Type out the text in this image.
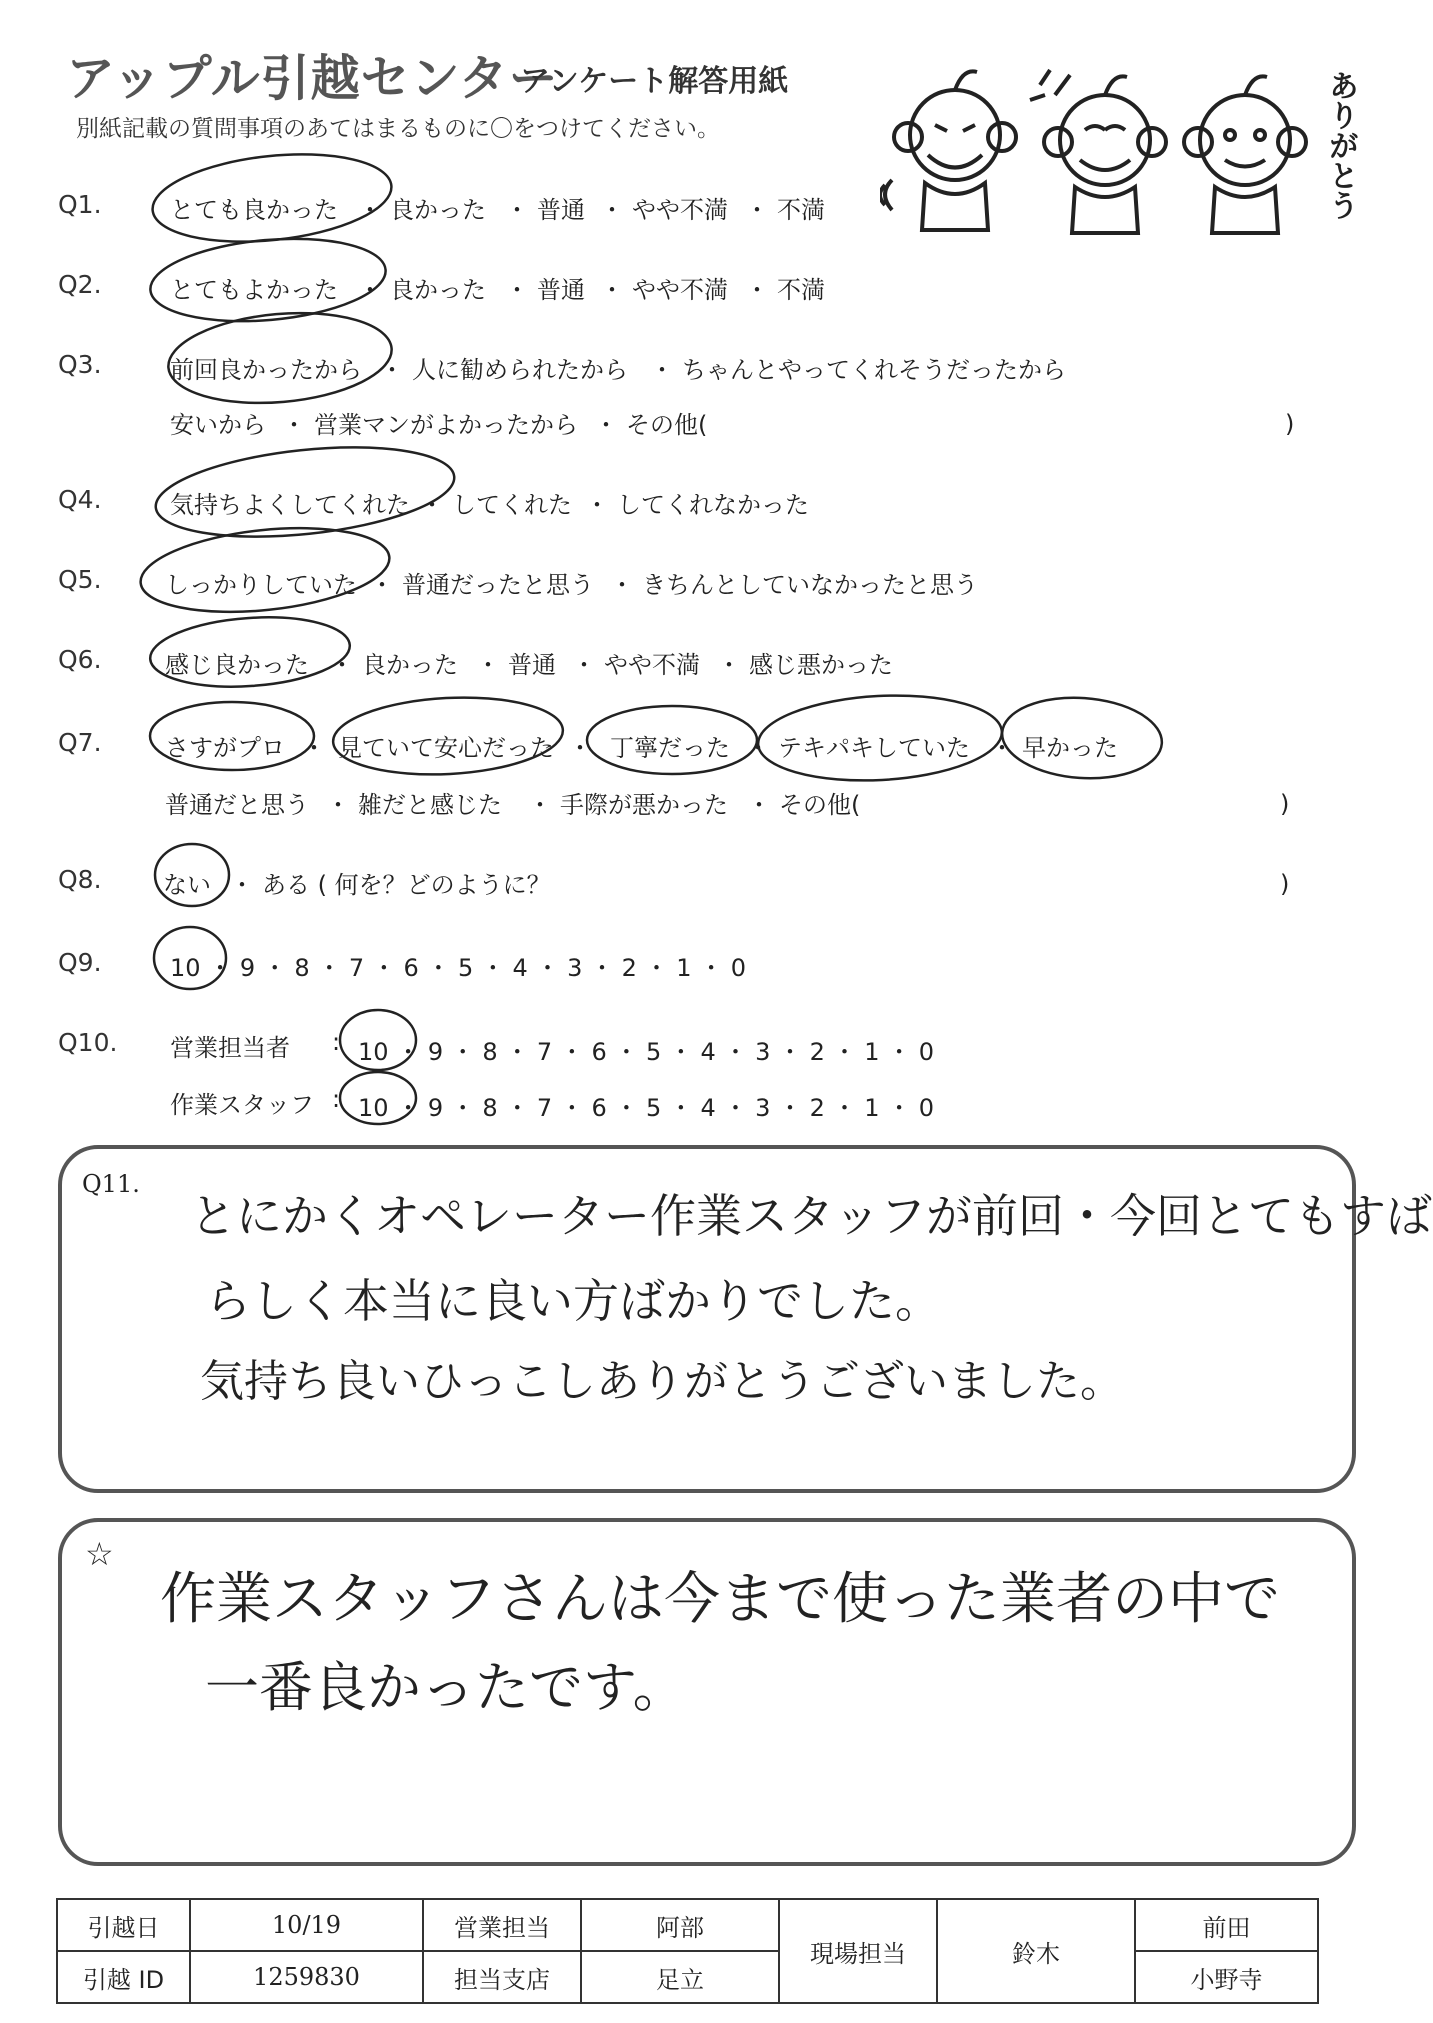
アップル引越センター
アンケート解答用紙
別紙記載の質問事項のあてはまるものに〇をつけてください。	ありがとう
Q1.	とても良かった ・ 良かった ・ 普通 ・ やや不満 ・ 不満
Q2.	とてもよかった ・ 良かった ・ 普通 ・ やや不満 ・ 不満
Q3.	前回良かったから ・ 人に勧められたから ・ ちゃんとやってくれそうだったから
安いから ・ 営業マンがよかったから ・ その他(	)
Q4.	気持ちよくしてくれた ・ してくれた ・ してくれなかった
Q5.	しっかりしていた ・ 普通だったと思う ・ きちんとしていなかったと思う
Q6.	感じ良かった ・ 良かった ・ 普通 ・ やや不満 ・ 感じ悪かった
Q7.	さすがプロ ・ 見ていて安心だった ・ 丁寧だった ・ テキパキしていた ・ 早かった
普通だと思う ・ 雑だと感じた ・ 手際が悪かった ・ その他(	)
Q8.	ない ・ ある ( 何を？どのように？	)
Q9.	10 ・ 9 ・ 8 ・ 7 ・ 6 ・ 5 ・ 4 ・ 3 ・ 2 ・ 1 ・ 0
Q10. 営業担当者 : 10 ・ 9 ・ 8 ・ 7 ・ 6 ・ 5 ・ 4 ・ 3 ・ 2 ・ 1 ・ 0
作業スタッフ : 10 ・ 9 ・ 8 ・ 7 ・ 6 ・ 5 ・ 4 ・ 3 ・ 2 ・ 1 ・ 0
Q11.
とにかくオペレーター作業スタッフが前回・今回とてもすば
らしく本当に良い方ばかりでした。
気持ち良いひっこしありがとうございました。
☆
作業スタッフさんは今まで使った業者の中で
一番良かったです。
引越日	10/19	営業担当	阿部	現場担当	鈴木	前田
引越 ID	1259830	担当支店	足立			小野寺
